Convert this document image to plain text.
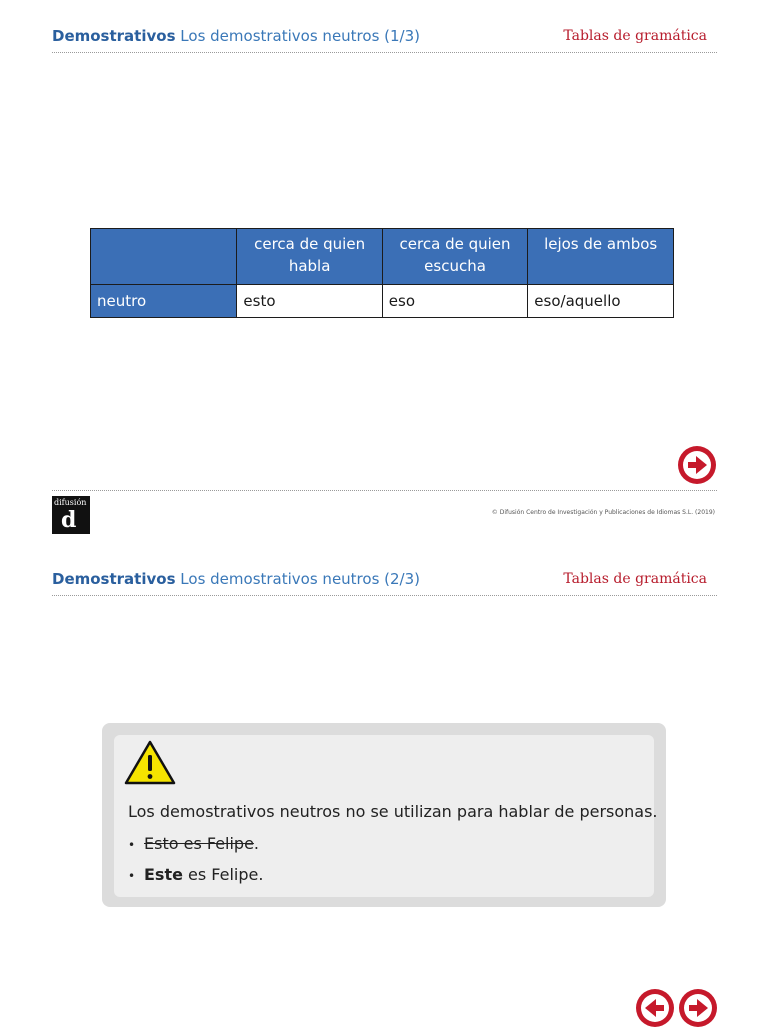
Demostrativos Los demostrativos neutros (1/3)	Tablas de gramática
	cerca de quien habla	cerca de quien escucha	lejos de ambos
neutro	esto	eso	eso/aquello
difusión
d	© Difusión Centro de Investigación y Publicaciones de Idiomas S.L. (2019)
Demostrativos Los demostrativos neutros (2/3)	Tablas de gramática
Los demostrativos neutros no se utilizan para hablar de personas.
• Esto es Felipe.
• Este es Felipe.
